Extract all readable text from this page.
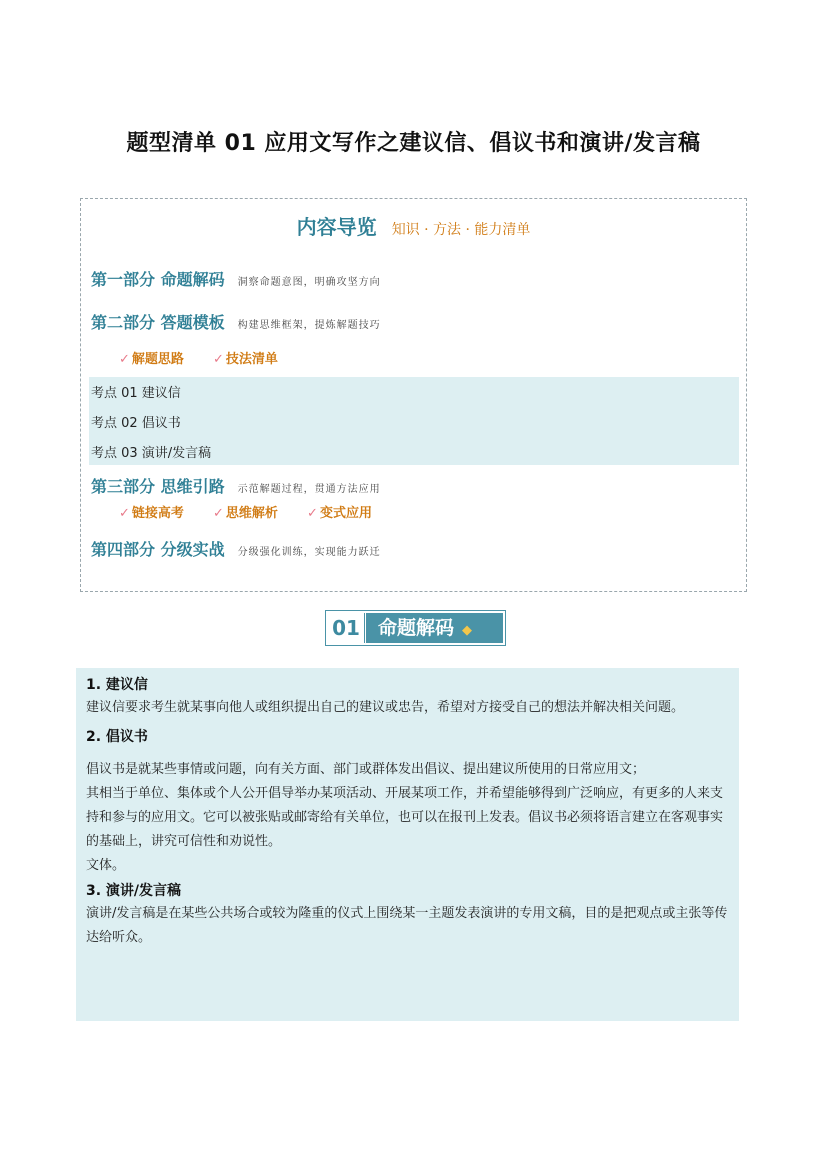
题型清单 01 应用文写作之建议信、倡议书和演讲/发言稿
内容导览 知识 · 方法 · 能力清单
第一部分 命题解码 洞察命题意图，明确攻坚方向
第二部分 答题模板 构建思维框架，提炼解题技巧
✓ 解题思路 ✓ 技法清单
考点 01 建议信
考点 02 倡议书
考点 03 演讲/发言稿
第三部分 思维引路 示范解题过程，贯通方法应用
✓ 链接高考 ✓ 思维解析 ✓ 变式应用
第四部分 分级实战 分级强化训练，实现能力跃迁
01 命题解码 ◆
1. 建议信
建议信要求考生就某事向他人或组织提出自己的建议或忠告，希望对方接受自己的想法并解决相关问题。
2. 倡议书
倡议书是就某些事情或问题，向有关方面、部门或群体发出倡议、提出建议所使用的日常应用文；
其相当于单位、集体或个人公开倡导举办某项活动、开展某项工作，并希望能够得到广泛响应，有更多的人来支持和参与的应用文。它可以被张贴或邮寄给有关单位，也可以在报刊上发表。倡议书必须将语言建立在客观事实的基础上，讲究可信性和劝说性。
文体。
3. 演讲/发言稿
演讲/发言稿是在某些公共场合或较为隆重的仪式上围绕某一主题发表演讲的专用文稿，目的是把观点或主张等传达给听众。
